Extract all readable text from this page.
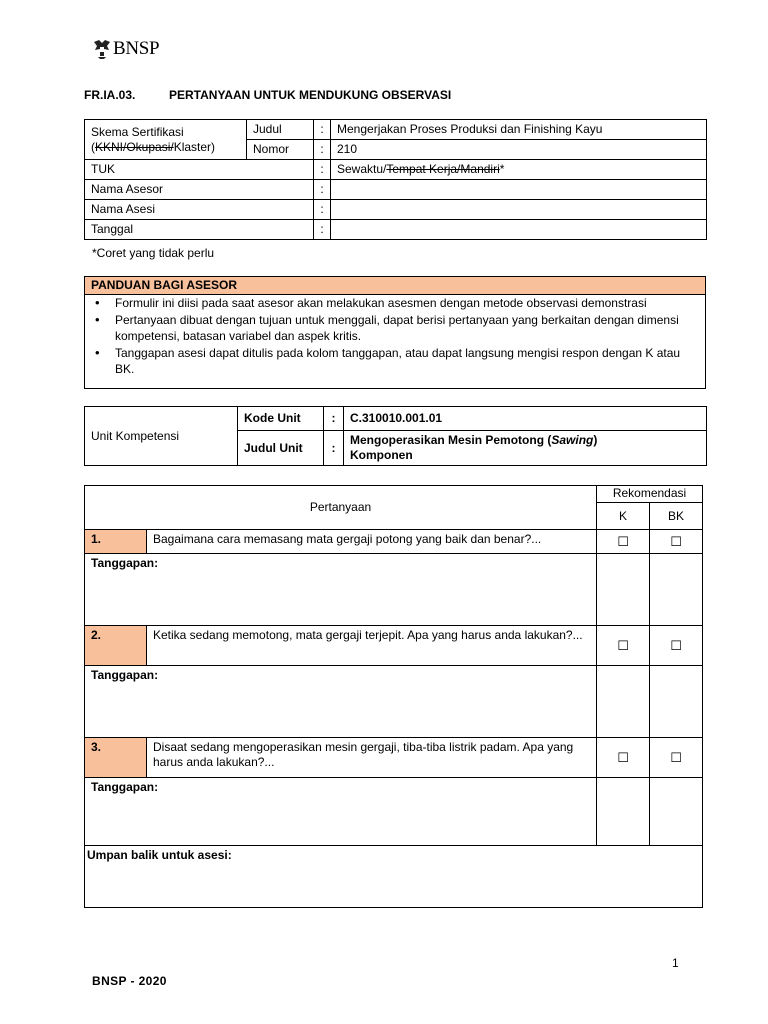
BNSP
FR.IA.03.	PERTANYAAN UNTUK MENDUKUNG OBSERVASI
Skema Sertifikasi
(KKNI/Okupasi/Klaster)	Judul	:	Mengerjakan Proses Produksi dan Finishing Kayu
	Nomor	:	210
TUK		:	Sewaktu/Tempat Kerja/Mandiri*
Nama Asesor		:	
Nama Asesi		:	
Tanggal		:	
*Coret yang tidak perlu
PANDUAN BAGI ASESOR
• Formulir ini diisi pada saat asesor akan melakukan asesmen dengan metode observasi demonstrasi
• Pertanyaan dibuat dengan tujuan untuk menggali, dapat berisi pertanyaan yang berkaitan dengan dimensi kompetensi, batasan variabel dan aspek kritis.
• Tanggapan asesi dapat ditulis pada kolom tanggapan, atau dapat langsung mengisi respon dengan K atau BK.
Unit Kompetensi	Kode Unit	:	C.310010.001.01
	Judul Unit	:	Mengoperasikan Mesin Pemotong (Sawing)
Komponen
Pertanyaan		Rekomendasi	
		K	BK
1.	Bagaimana cara memasang mata gergaji potong yang baik dan benar?...	☐	☐
Tanggapan:			
2.	Ketika sedang memotong, mata gergaji terjepit. Apa yang harus anda lakukan?...	☐	☐
Tanggapan:			
3.	Disaat sedang mengoperasikan mesin gergaji, tiba-tiba listrik padam. Apa yang harus anda lakukan?...	☐	☐
Tanggapan:			
Umpan balik untuk asesi:			
1
BNSP - 2020
